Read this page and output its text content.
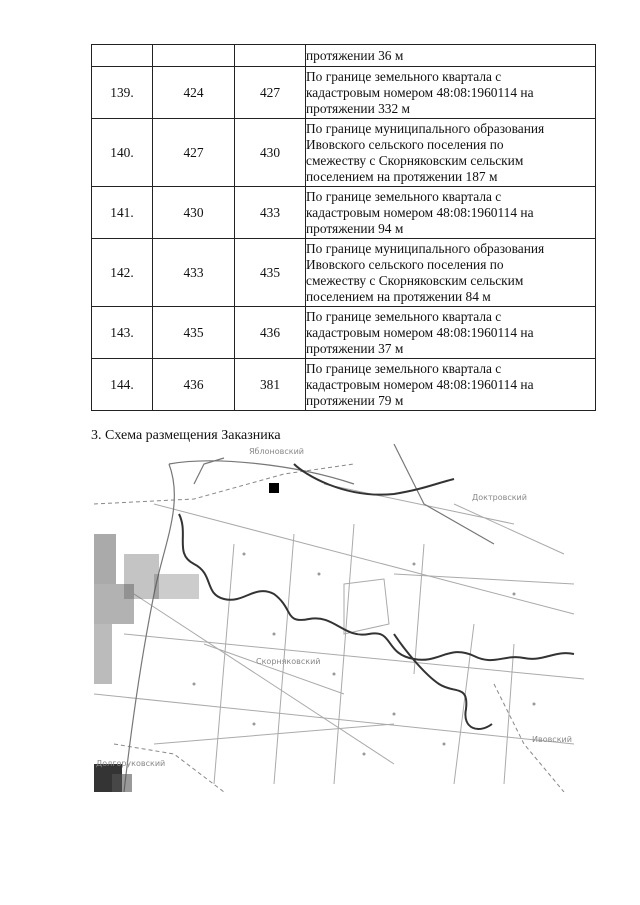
			протяжении 36 м

139.	424	427	По границе земельного квартала с
кадастровым номером 48:08:1960114 на
протяжении 332 м

140.	427	430	По границе муниципального образования
Ивовского сельского поселения по
смежеству с Скорняковским сельским
поселением на протяжении 187 м

141.	430	433	По границе земельного квартала с
кадастровым номером 48:08:1960114 на
протяжении 94 м

142.	433	435	По границе муниципального образования
Ивовского сельского поселения по
смежеству с Скорняковским сельским
поселением на протяжении 84 м

143.	435	436	По границе земельного квартала с
кадастровым номером 48:08:1960114 на
протяжении 37 м

144.	436	381	По границе земельного квартала с
кадастровым номером 48:08:1960114 на
протяжении 79 м
3. Схема размещения Заказника
Яблоновский
Доктровский
Скорняковский
Ивовский
Долгоруковский
